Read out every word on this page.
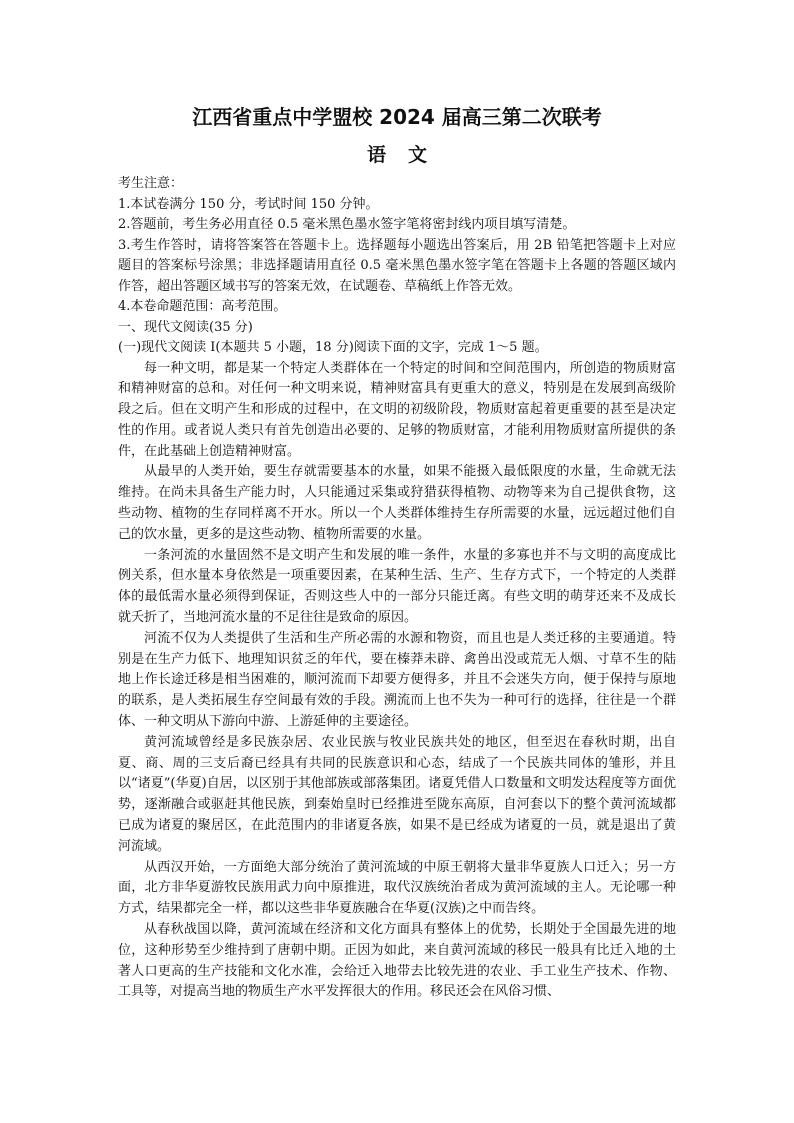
江西省重点中学盟校 2024 届高三第二次联考
语文
考生注意：
1.本试卷满分 150 分，考试时间 150 分钟。
2.答题前，考生务必用直径 0.5 毫米黑色墨水签字笔将密封线内项目填写清楚。
3.考生作答时，请将答案答在答题卡上。选择题每小题选出答案后，用 2B 铅笔把答题卡上对应题目的答案标号涂黑；非选择题请用直径 0.5 毫米黑色墨水签字笔在答题卡上各题的答题区域内作答，超出答题区域书写的答案无效，在试题卷、草稿纸上作答无效。
4.本卷命题范围：高考范围。
一、现代文阅读(35 分)
(一)现代文阅读 I(本题共 5 小题，18 分)阅读下面的文字，完成 1～5 题。

每一种文明，都是某一个特定人类群体在一个特定的时间和空间范围内，所创造的物质财富和精神财富的总和。对任何一种文明来说，精神财富具有更重大的意义，特别是在发展到高级阶段之后。但在文明产生和形成的过程中，在文明的初级阶段，物质财富起着更重要的甚至是决定性的作用。或者说人类只有首先创造出必要的、足够的物质财富，才能利用物质财富所提供的条件，在此基础上创造精神财富。

从最早的人类开始，要生存就需要基本的水量，如果不能摄入最低限度的水量，生命就无法维持。在尚未具备生产能力时，人只能通过采集或狩猎获得植物、动物等来为自己提供食物，这些动物、植物的生存同样离不开水。所以一个人类群体维持生存所需要的水量，远远超过他们自己的饮水量，更多的是这些动物、植物所需要的水量。

一条河流的水量固然不是文明产生和发展的唯一条件，水量的多寡也并不与文明的高度成比例关系，但水量本身依然是一项重要因素，在某种生活、生产、生存方式下，一个特定的人类群体的最低需水量必须得到保证，否则这些人中的一部分只能迁离。有些文明的萌芽还来不及成长就夭折了，当地河流水量的不足往往是致命的原因。

河流不仅为人类提供了生活和生产所必需的水源和物资，而且也是人类迁移的主要通道。特别是在生产力低下、地理知识贫乏的年代，要在榛莽未辟、禽兽出没或荒无人烟、寸草不生的陆地上作长途迁移是相当困难的，顺河流而下却要方便得多，并且不会迷失方向，便于保持与原地的联系，是人类拓展生存空间最有效的手段。溯流而上也不失为一种可行的选择，往往是一个群体、一种文明从下游向中游、上游延伸的主要途径。

黄河流域曾经是多民族杂居、农业民族与牧业民族共处的地区，但至迟在春秋时期，出自夏、商、周的三支后裔已经具有共同的民族意识和心态，结成了一个民族共同体的雏形，并且以“诸夏”(华夏)自居，以区别于其他部族或部落集团。诸夏凭借人口数量和文明发达程度等方面优势，逐渐融合或驱赶其他民族，到秦始皇时已经推进至陇东高原，自河套以下的整个黄河流域都已成为诸夏的聚居区，在此范围内的非诸夏各族，如果不是已经成为诸夏的一员，就是退出了黄河流域。

从西汉开始，一方面绝大部分统治了黄河流域的中原王朝将大量非华夏族人口迁入；另一方面，北方非华夏游牧民族用武力向中原推进，取代汉族统治者成为黄河流域的主人。无论哪一种方式，结果都完全一样，都以这些非华夏族融合在华夏(汉族)之中而告终。

从春秋战国以降，黄河流域在经济和文化方面具有整体上的优势，长期处于全国最先进的地位，这种形势至少维持到了唐朝中期。正因为如此，来自黄河流域的移民一般具有比迁入地的土著人口更高的生产技能和文化水准，会给迁入地带去比较先进的农业、手工业生产技术、作物、工具等，对提高当地的物质生产水平发挥很大的作用。移民还会在风俗习惯、
